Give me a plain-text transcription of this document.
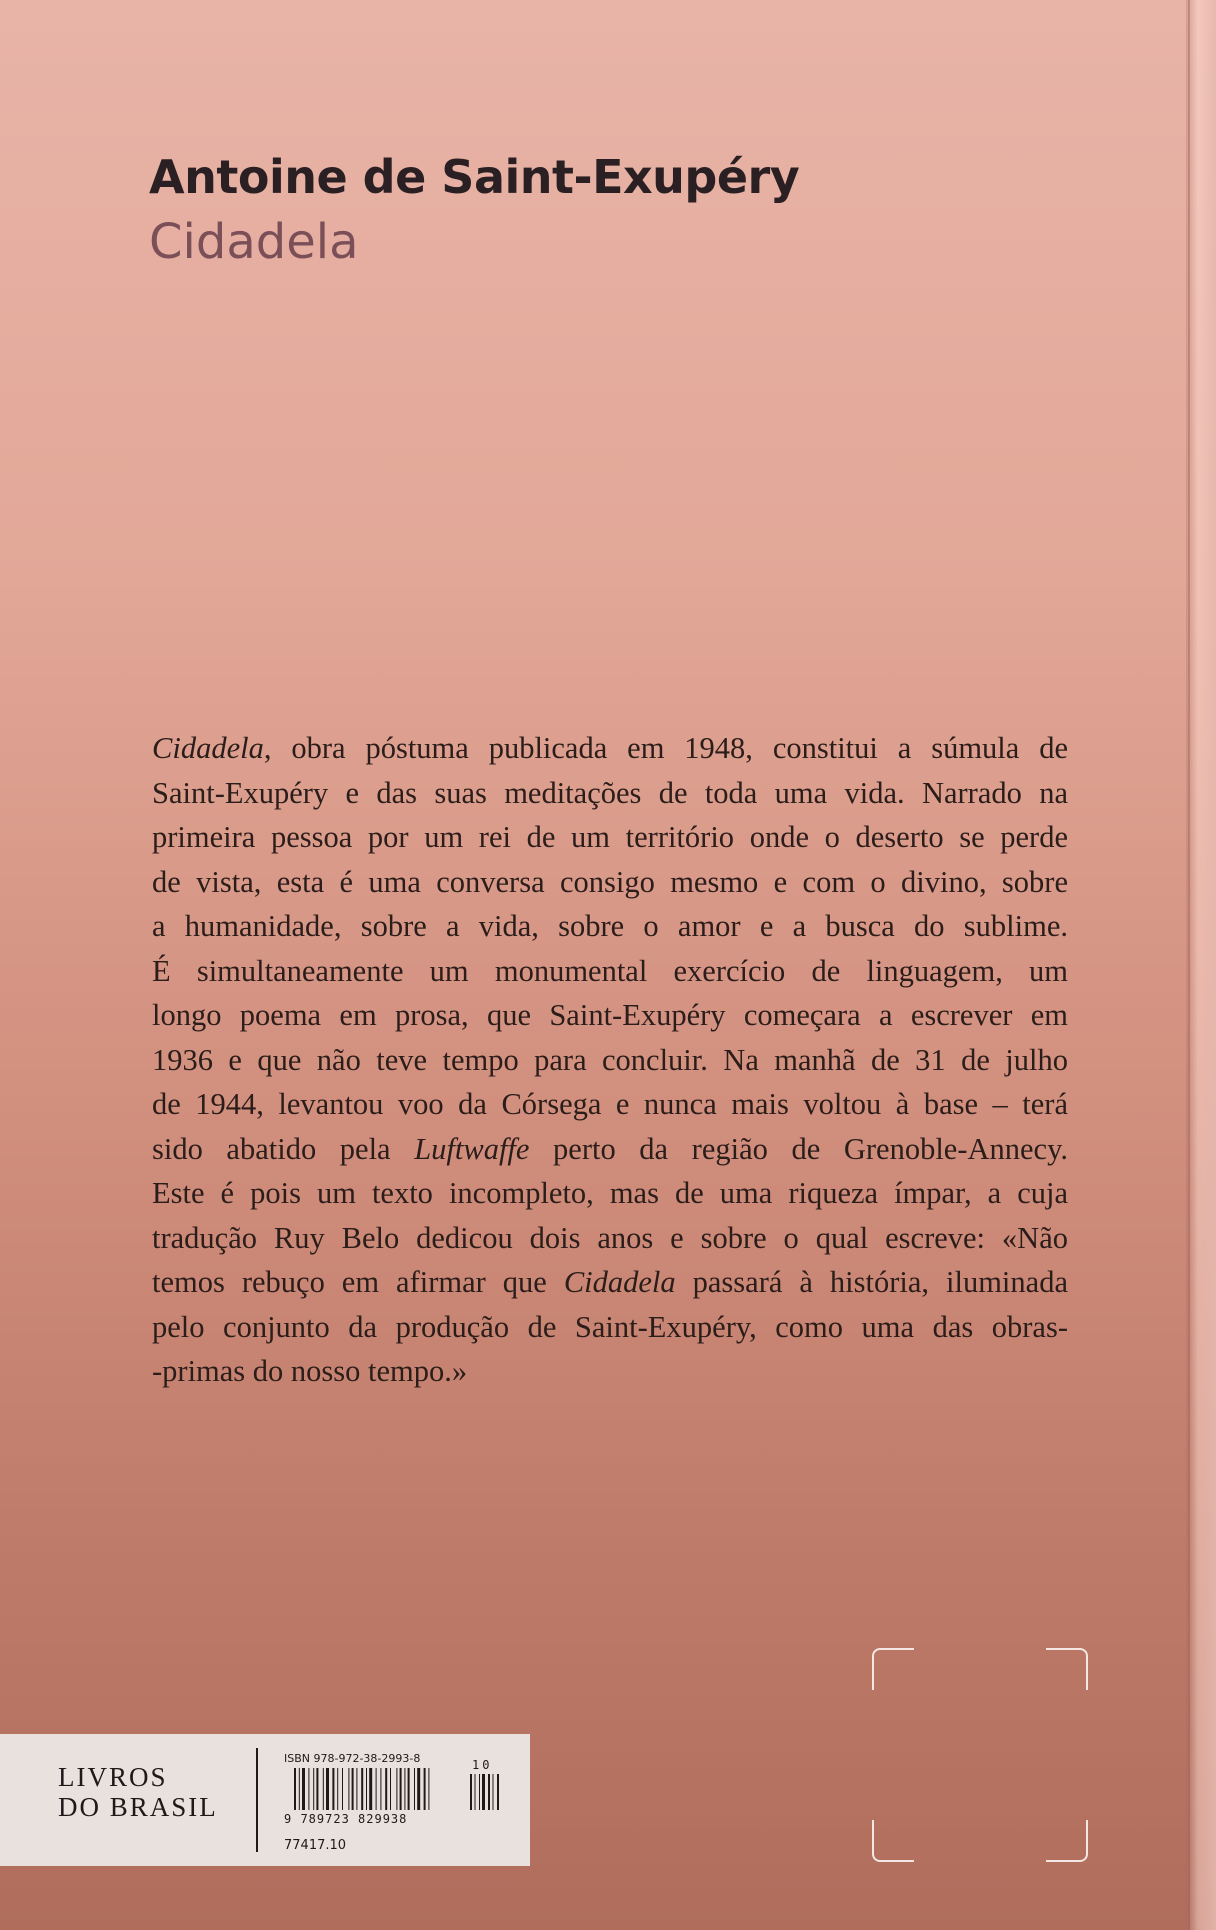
Antoine de Saint-Exupéry
Cidadela
Cidadela, obra póstuma publicada em 1948, constitui a súmula de
Saint-Exupéry e das suas meditações de toda uma vida. Narrado na
primeira pessoa por um rei de um território onde o deserto se perde
de vista, esta é uma conversa consigo mesmo e com o divino, sobre
a humanidade, sobre a vida, sobre o amor e a busca do sublime.
É simultaneamente um monumental exercício de linguagem, um
longo poema em prosa, que Saint-Exupéry começara a escrever em
1936 e que não teve tempo para concluir. Na manhã de 31 de julho
de 1944, levantou voo da Córsega e nunca mais voltou à base – terá
sido abatido pela Luftwaffe perto da região de Grenoble-Annecy.
Este é pois um texto incompleto, mas de uma riqueza ímpar, a cuja
tradução Ruy Belo dedicou dois anos e sobre o qual escreve: «Não
temos rebuço em afirmar que Cidadela passará à história, iluminada
pelo conjunto da produção de Saint-Exupéry, como uma das obras-
-primas do nosso tempo.»
LIVROS
DO BRASIL

ISBN 978-972-38-2993-8

9 789723 829938

10

77417.10
